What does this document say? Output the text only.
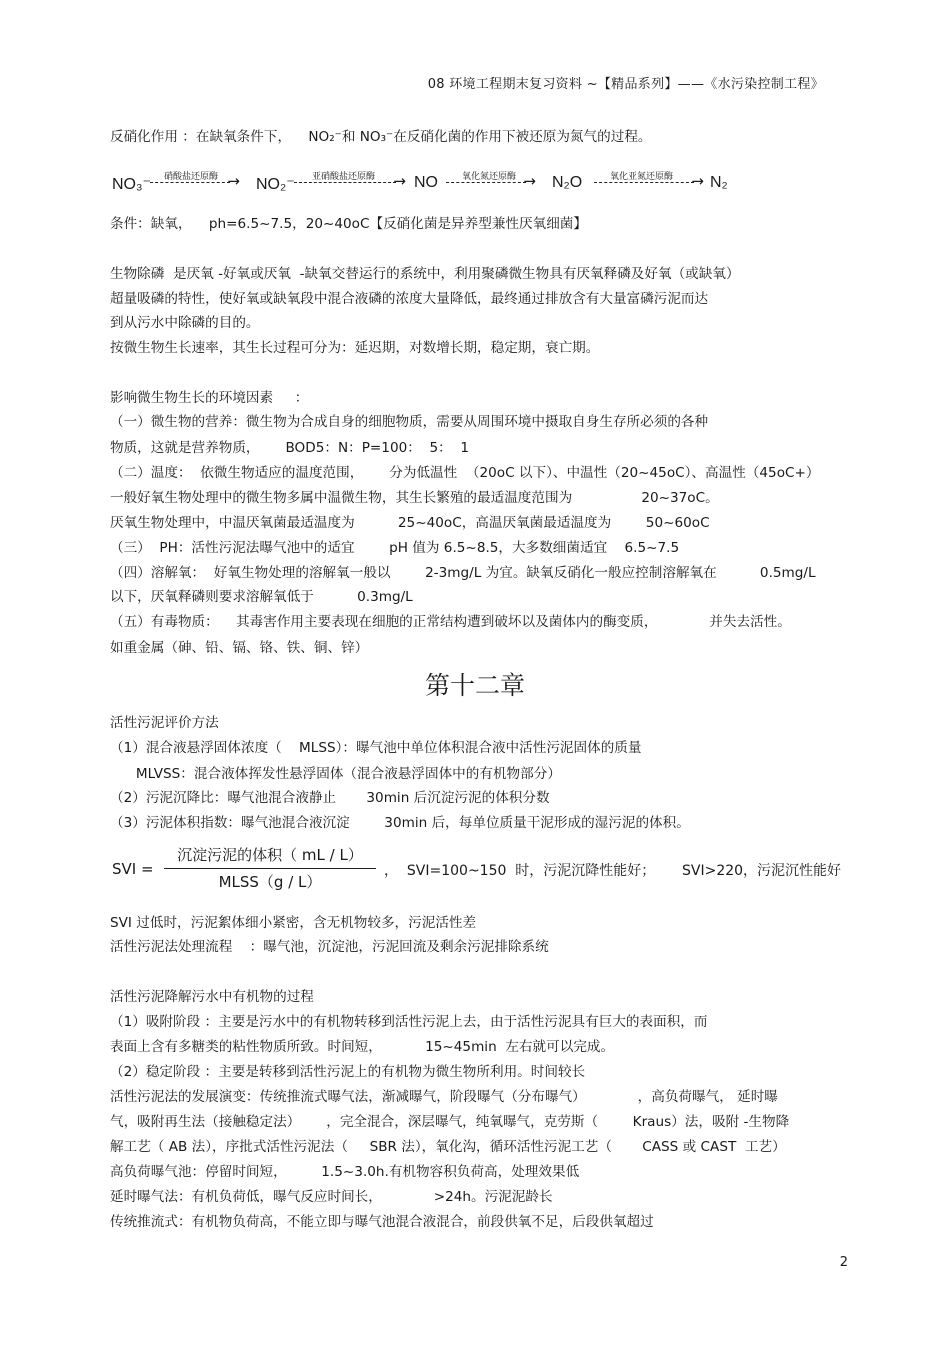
08 环境工程期末复习资料 ~【精品系列】——《水污染控制工程》
反硝化作用 ：在缺氧条件下，    NO₂⁻和 NO₃⁻在反硝化菌的作用下被还原为氮气的过程。
NO₃⁻ 硝酸盐还原酶
→ NO₂⁻ 亚硝酸盐还原酶
→ NO	氧化氮还原酶
→ N₂O	氧化亚氮还原酶
→ N₂
条件：缺氧，    ph=6.5~7.5，20~40oC【反硝化菌是异养型兼性厌氧细菌】
生物除磷  是厌氧 -好氧或厌氧  -缺氧交替运行的系统中，利用聚磷微生物具有厌氧释磷及好氧（或缺氧）
超量吸磷的特性，使好氧或缺氧段中混合液磷的浓度大量降低，最终通过排放含有大量富磷污泥而达
到从污水中除磷的目的。
按微生物生长速率，其生长过程可分为：延迟期，对数增长期，稳定期，衰亡期。
影响微生物生长的环境因素     ：
（一）微生物的营养：微生物为合成自身的细胞物质，需要从周围环境中摄取自身生存所必须的各种
物质，这就是营养物质，      BOD5：N：P=100：  5：  1
（二）温度：  依微生物适应的温度范围，      分为低温性  （20oC 以下）、中温性（20~45oC）、高温性（45oC+）
一般好氧生物处理中的微生物多属中温微生物，其生长繁殖的最适温度范围为                20~37oC。
厌氧生物处理中，中温厌氧菌最适温度为          25~40oC，高温厌氧菌最适温度为        50~60oC
（三）  PH：活性污泥法曝气池中的适宜        pH 值为 6.5~8.5，大多数细菌适宜    6.5~7.5
（四）溶解氧：  好氧生物处理的溶解氧一般以        2-3mg/L 为宜。缺氧反硝化一般应控制溶解氧在          0.5mg/L
以下，厌氧释磷则要求溶解氧低于          0.3mg/L
（五）有毒物质：    其毒害作用主要表现在细胞的正常结构遭到破坏以及菌体内的酶变质，            并失去活性。
如重金属（砷、铅、镉、铬、铁、铜、锌）
第十二章
活性污泥评价方法
（1）混合液悬浮固体浓度（    MLSS）：曝气池中单位体积混合液中活性污泥固体的质量
MLVSS：混合液体挥发性悬浮固体（混合液悬浮固体中的有机物部分）
（2）污泥沉降比：曝气池混合液静止       30min 后沉淀污泥的体积分数
（3）污泥体积指数：曝气池混合液沉淀        30min 后，每单位质量干泥形成的湿污泥的体积。
SVI =
沉淀污泥的体积（ mL / L）
MLSS（g / L）
，  SVI=100~150  时，污泥沉降性能好；      SVI>220，污泥沉性能好
SVI 过低时，污泥絮体细小紧密，含无机物较多，污泥活性差
活性污泥法处理流程    ：曝气池，沉淀池，污泥回流及剩余污泥排除系统
活性污泥降解污水中有机物的过程
（1）吸附阶段 ：主要是污水中的有机物转移到活性污泥上去，由于活性污泥具有巨大的表面积，而
表面上含有多糖类的粘性物质所致。时间短，          15~45min  左右就可以完成。
（2）稳定阶段 ：主要是转移到活性污泥上的有机物为微生物所利用。时间较长
活性污泥法的发展演变：传统推流式曝气法，渐减曝气，阶段曝气（分布曝气）            ，高负荷曝气， 延时曝
气，吸附再生法（接触稳定法）      ，完全混合，深层曝气，纯氧曝气，克劳斯（        Kraus）法，吸附 -生物降
解工艺（ AB 法），序批式活性污泥法（     SBR 法），氧化沟，循环活性污泥工艺（       CASS 或 CAST  工艺）
高负荷曝气池：停留时间短，        1.5~3.0h.有机物容积负荷高，处理效果低
延时曝气法：有机负荷低，曝气反应时间长，            >24h。污泥泥龄长
传统推流式：有机物负荷高，不能立即与曝气池混合液混合，前段供氧不足，后段供氧超过
2
